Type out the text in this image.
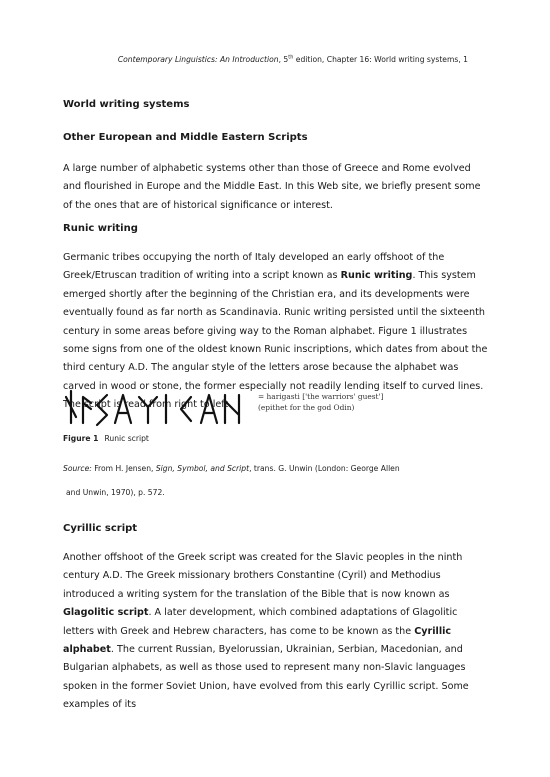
Contemporary Linguistics: An Introduction, 5th edition, Chapter 16: World writing systems, 1

World writing systems

Other European and Middle Eastern Scripts

A large number of alphabetic systems other than those of Greece and Rome evolved and flourished in Europe and the Middle East. In this Web site, we briefly present some of the ones that are of historical significance or interest.

Runic writing

Germanic tribes occupying the north of Italy developed an early offshoot of the Greek/Etruscan tradition of writing into a script known as Runic writing. This system emerged shortly after the beginning of the Christian era, and its developments were eventually found as far north as Scandinavia. Runic writing persisted until the sixteenth century in some areas before giving way to the Roman alphabet. Figure 1 illustrates some signs from one of the oldest known Runic inscriptions, which dates from about the third century A.D. The angular style of the letters arose because the alphabet was carved in wood or stone, the former especially not readily lending itself to curved lines. The script is read from right to left.

= harigasti ['the warriors' guest']
(epithet for the god Odin)
Figure 1 Runic script
Source: From H. Jensen, Sign, Symbol, and Script, trans. G. Unwin (London: George Allen
and Unwin, 1970), p. 572.

Cyrillic script

Another offshoot of the Greek script was created for the Slavic peoples in the ninth century A.D. The Greek missionary brothers Constantine (Cyril) and Methodius introduced a writing system for the translation of the Bible that is now known as Glagolitic script. A later development, which combined adaptations of Glagolitic letters with Greek and Hebrew characters, has come to be known as the Cyrillic alphabet. The current Russian, Byelorussian, Ukrainian, Serbian, Macedonian, and Bulgarian alphabets, as well as those used to represent many non-Slavic languages spoken in the former Soviet Union, have evolved from this early Cyrillic script. Some examples of its
